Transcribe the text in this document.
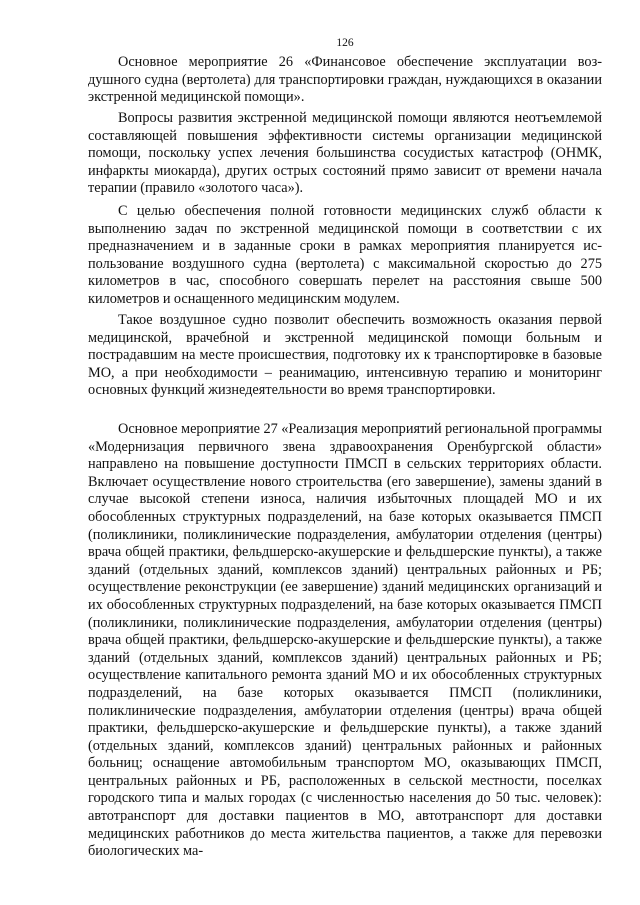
126

Основное мероприятие 26 «Финансовое обеспечение эксплуатации воздушного судна (вертолета) для транспортировки граждан, нуждающихся в оказании экстренной медицинской помощи».

Вопросы развития экстренной медицинской помощи являются неотъемлемой составляющей повышения эффективности системы организации медицинской помощи, поскольку успех лечения большинства сосудистых катастроф (ОНМК, инфаркты миокарда), других острых состояний прямо зависит от времени начала терапии (правило «золотого часа»).

С целью обеспечения полной готовности медицинских служб области к выполнению задач по экстренной медицинской помощи в соответствии с их предназначением и в заданные сроки в рамках мероприятия планируется использование воздушного судна (вертолета) с максимальной скоростью до 275 километров в час, способного совершать перелет на расстояния свыше 500 километров и оснащенного медицинским модулем.

Такое воздушное судно позволит обеспечить возможность оказания первой медицинской, врачебной и экстренной медицинской помощи больным и пострадавшим на месте происшествия, подготовку их к транспортировке в базовые МО, а при необходимости – реанимацию, интенсивную терапию и мониторинг основных функций жизнедеятельности во время транспортировки.

Основное мероприятие 27 «Реализация мероприятий региональной программы «Модернизация первичного звена здравоохранения Оренбургской области» направлено на повышение доступности ПМСП в сельских территориях области. Включает осуществление нового строительства (его завершение), замены зданий в случае высокой степени износа, наличия избыточных площадей МО и их обособленных структурных подразделений, на базе которых оказывается ПМСП (поликлиники, поликлинические подразделения, амбулатории отделения (центры) врача общей практики, фельдшерско-акушерские и фельдшерские пункты), а также зданий (отдельных зданий, комплексов зданий) центральных районных и РБ; осуществление реконструкции (ее завершение) зданий медицинских организаций и их обособленных структурных подразделений, на базе которых оказывается ПМСП (поликлиники, поликлинические подразделения, амбулатории отделения (центры) врача общей практики, фельдшерско-акушерские и фельдшерские пункты), а также зданий (отдельных зданий, комплексов зданий) центральных районных и РБ; осуществление капитального ремонта зданий МО и их обособленных структурных подразделений, на базе которых оказывается ПМСП (поликлиники, поликлинические подразделения, амбулатории отделения (центры) врача общей практики, фельдшерско-акушерские и фельдшерские пункты), а также зданий (отдельных зданий, комплексов зданий) центральных районных и районных больниц; оснащение автомобильным транспортом МО, оказывающих ПМСП, центральных районных и РБ, расположенных в сельской местности, поселках городского типа и малых городах (с численностью населения до 50 тыс. человек): автотранспорт для доставки пациентов в МО, автотранспорт для доставки медицинских работников до места жительства пациентов, а также для перевозки биологических ма-
